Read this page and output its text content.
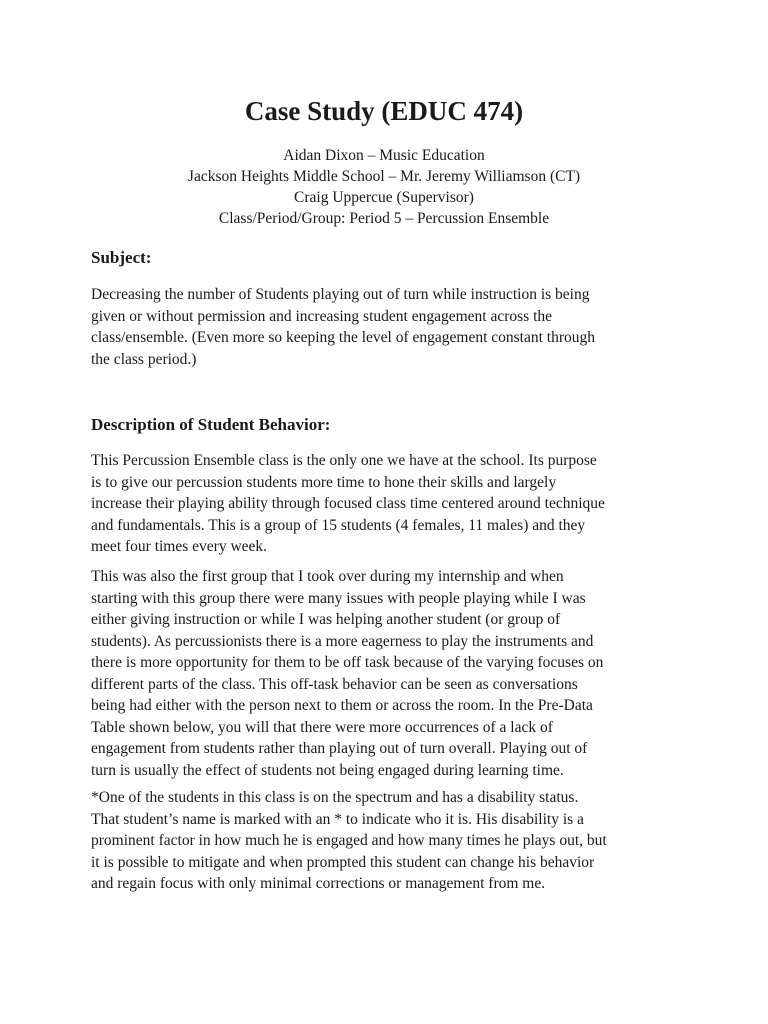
Case Study (EDUC 474)
Aidan Dixon – Music Education
Jackson Heights Middle School – Mr. Jeremy Williamson (CT)
Craig Uppercue (Supervisor)
Class/Period/Group: Period 5 – Percussion Ensemble
Subject:
Decreasing the number of Students playing out of turn while instruction is being
given or without permission and increasing student engagement across the
class/ensemble. (Even more so keeping the level of engagement constant through
the class period.)
Description of Student Behavior:
This Percussion Ensemble class is the only one we have at the school. Its purpose
is to give our percussion students more time to hone their skills and largely
increase their playing ability through focused class time centered around technique
and fundamentals. This is a group of 15 students (4 females, 11 males) and they
meet four times every week.
This was also the first group that I took over during my internship and when
starting with this group there were many issues with people playing while I was
either giving instruction or while I was helping another student (or group of
students). As percussionists there is a more eagerness to play the instruments and
there is more opportunity for them to be off task because of the varying focuses on
different parts of the class. This off-task behavior can be seen as conversations
being had either with the person next to them or across the room. In the Pre-Data
Table shown below, you will that there were more occurrences of a lack of
engagement from students rather than playing out of turn overall. Playing out of
turn is usually the effect of students not being engaged during learning time.
*One of the students in this class is on the spectrum and has a disability status.
That student’s name is marked with an * to indicate who it is. His disability is a
prominent factor in how much he is engaged and how many times he plays out, but
it is possible to mitigate and when prompted this student can change his behavior
and regain focus with only minimal corrections or management from me.
